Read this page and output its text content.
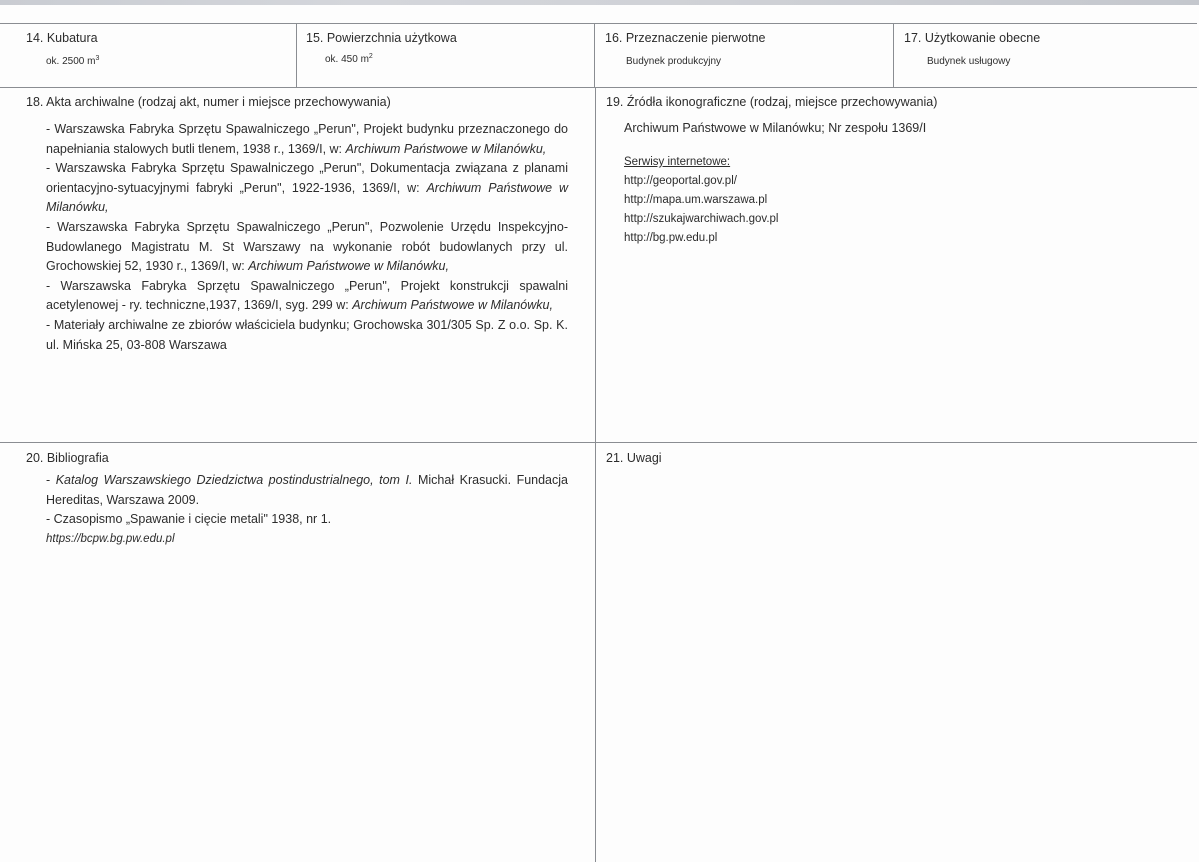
14. Kubatura
ok. 2500 $m^3$
15. Powierzchnia użytkowa
ok. 450 $m^2$
16. Przeznaczenie pierwotne
Budynek produkcyjny
17. Użytkowanie obecne
Budynek usługowy
18. Akta archiwalne (rodzaj akt, numer i miejsce przechowywania)
- Warszawska Fabryka Sprzętu Spawalniczego „Perun", Projekt budynku przeznaczonego do napełniania stalowych butli tlenem, 1938 r., 1369/I, w: Archiwum Państwowe w Milanówku,
- Warszawska Fabryka Sprzętu Spawalniczego „Perun", Dokumentacja związana z planami orientacyjno-sytuacyjnymi fabryki „Perun", 1922-1936, 1369/I, w: Archiwum Państwowe w Milanówku,
- Warszawska Fabryka Sprzętu Spawalniczego „Perun", Pozwolenie Urzędu Inspekcyjno-Budowlanego Magistratu M. St Warszawy na wykonanie robót budowlanych przy ul. Grochowskiej 52, 1930 r., 1369/I, w: Archiwum Państwowe w Milanówku,
- Warszawska Fabryka Sprzętu Spawalniczego „Perun", Projekt konstrukcji spawalni acetylenowej - ry. techniczne,1937, 1369/I, syg. 299 w: Archiwum Państwowe w Milanówku,
- Materiały archiwalne ze zbiorów właściciela budynku; Grochowska 301/305 Sp. Z o.o. Sp. K. ul. Mińska 25, 03-808 Warszawa
19. Źródła ikonograficzne (rodzaj, miejsce przechowywania)
Archiwum Państwowe w Milanówku; Nr zespołu 1369/I
Serwisy internetowe:
http://geoportal.gov.pl/
http://mapa.um.warszawa.pl
http://szukajwarchiwach.gov.pl
http://bg.pw.edu.pl
20. Bibliografia
- Katalog Warszawskiego Dziedzictwa postindustrialnego, tom I. Michał Krasucki. Fundacja Hereditas, Warszawa 2009.
- Czasopismo „Spawanie i cięcie metali" 1938, nr 1.
https://bcpw.bg.pw.edu.pl
21. Uwagi
